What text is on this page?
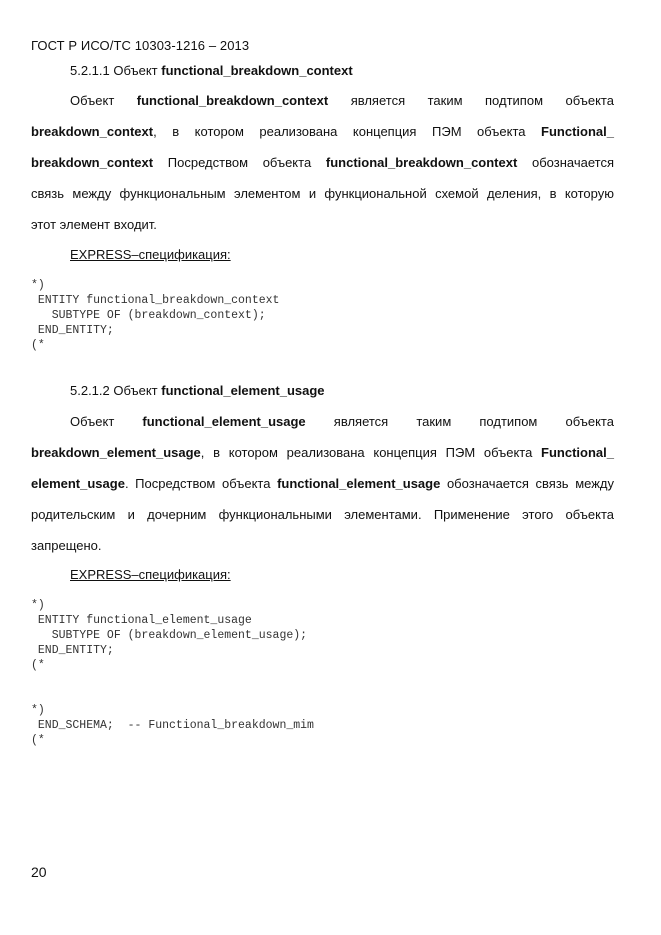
ГОСТ Р ИСО/ТС 10303-1216 – 2013
5.2.1.1 Объект functional_breakdown_context
Объект functional_breakdown_context является таким подтипом объекта
breakdown_context, в котором реализована концепция ПЭМ объекта Functional_
breakdown_context Посредством объекта functional_breakdown_context обозначается
связь между функциональным элементом и функциональной схемой деления, в которую
этот элемент входит.
EXPRESS–спецификация:
*)
ENTITY functional_breakdown_context
SUBTYPE OF (breakdown_context);
END_ENTITY;
(*
5.2.1.2 Объект functional_element_usage
Объект functional_element_usage является таким подтипом объекта
breakdown_element_usage, в котором реализована концепция ПЭМ объекта Functional_
element_usage. Посредством объекта functional_element_usage обозначается связь между
родительским и дочерним функциональными элементами. Применение этого объекта
запрещено.
EXPRESS–спецификация:
*)
ENTITY functional_element_usage
SUBTYPE OF (breakdown_element_usage);
END_ENTITY;
(*
*)
END_SCHEMA;  -- Functional_breakdown_mim
(*
20
